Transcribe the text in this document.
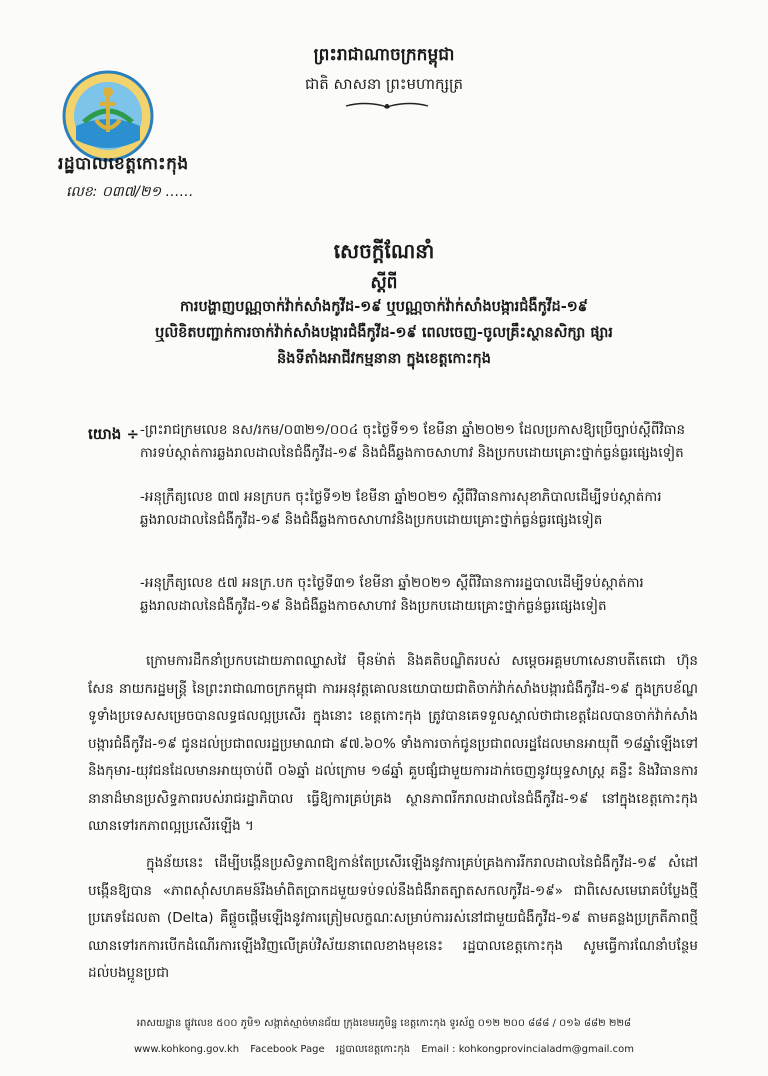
រដ្ឋបាលខេត្តកោះកុង
លេខ: ០៣៧/២១ ……
ព្រះរាជាណាចក្រកម្ពុជា
ជាតិ សាសនា ព្រះមហាក្សត្រ
សេចក្តីណែនាំ
ស្តីពី
ការបង្ហាញបណ្ណចាក់វ៉ាក់សាំងកូវីដ-១៩ ឬបណ្ណចាក់វ៉ាក់សាំងបង្ការជំងឺកូវីដ-១៩
ឬលិខិតបញ្ជាក់ការចាក់វ៉ាក់សាំងបង្ការជំងឺកូវីដ-១៩ ពេលចេញ-ចូលគ្រឹះស្ថានសិក្សា ផ្សារ
និងទីតាំងអាជីវកម្មនានា ក្នុងខេត្តកោះកុង
យោង ÷ -ព្រះរាជក្រមលេខ នស/រកម/០៣២១/០០៤ ចុះថ្ងៃទី១១ ខែមីនា ឆ្នាំ២០២១ ដែលប្រកាសឱ្យប្រើច្បាប់ស្តីពីវិធានការទប់ស្កាត់ការឆ្លងរាលដាលនៃជំងឺកូវីដ-១៩ និងជំងឺឆ្លងកាចសាហាវ និងប្រកបដោយគ្រោះថ្នាក់ធ្ងន់ធ្ងរផ្សេងទៀត
-អនុក្រឹត្យលេខ ៣៧ អនក្របក ចុះថ្ងៃទី១២ ខែមីនា ឆ្នាំ២០២១ ស្តីពីវិធានការសុខាភិបាលដើម្បីទប់ស្កាត់ការឆ្លងរាលដាលនៃជំងឺកូវីដ-១៩ និងជំងឺឆ្លងកាចសាហាវនិងប្រកបដោយគ្រោះថ្នាក់ធ្ងន់ធ្ងរផ្សេងទៀត
-អនុក្រឹត្យលេខ ៥៧ អនក្រ.បក ចុះថ្ងៃទី៣១ ខែមីនា ឆ្នាំ២០២១ ស្តីពីវិធានការរដ្ឋបាលដើម្បីទប់ស្កាត់ការឆ្លងរាលដាលនៃជំងឺកូវីដ-១៩ និងជំងឺឆ្លងកាចសាហាវ និងប្រកបដោយគ្រោះថ្នាក់ធ្ងន់ធ្ងរផ្សេងទៀត
ក្រោមការដឹកនាំប្រកបដោយភាពឈ្លាសវៃ ម៉ឺនម៉ាត់ និងគតិបណ្ឌិតរបស់ សម្តេចអគ្គមហាសេនាបតីតេជោ ហ៊ុន សែន នាយករដ្ឋមន្ត្រី នៃព្រះរាជាណាចក្រកម្ពុជា ការអនុវត្តគោលនយោបាយជាតិចាក់វ៉ាក់សាំងបង្ការជំងឺកូវីដ-១៩ ក្នុងក្របខ័ណ្ឌទូទាំងប្រទេសសម្រេចបានលទ្ធផលល្អប្រសើរ ក្នុងនោះ ខេត្តកោះកុង ត្រូវបានគេទទួលស្គាល់ថាជាខេត្តដែលបានចាក់វ៉ាក់សាំងបង្ការជំងឺកូវីដ-១៩ ជូនដល់ប្រជាពលរដ្ឋប្រមាណជា ៩៧.៦០% ទាំងការចាក់ជូនប្រជាពលរដ្ឋដែលមានអាយុពី ១៨ឆ្នាំឡើងទៅ និងកុមារ-យុវជនដែលមានអាយុចាប់ពី ០៦ឆ្នាំ ដល់ក្រោម ១៨ឆ្នាំ គួបផ្សំជាមួយការដាក់ចេញនូវយុទ្ធសាស្ត្រ គន្លឹះ និងវិធានការនានាដ៏មានប្រសិទ្ធភាពរបស់រាជរដ្ឋាភិបាល ធ្វើឱ្យការគ្រប់គ្រង ស្ថានភាពរីករាលដាលនៃជំងឺកូវីដ-១៩ នៅក្នុងខេត្តកោះកុង ឈានទៅរកភាពល្អប្រសើរឡើង ។
ក្នុងន័យនេះ ដើម្បីបង្កើនប្រសិទ្ធភាពឱ្យកាន់តែប្រសើរឡើងនូវការគ្រប់គ្រងការរីករាលដាលនៃជំងឺកូវីដ-១៩ សំដៅបង្កើនឱ្យបាន «ភាពស៊ាំសហគមន៍រឹងមាំពិតប្រាកដមួយទប់ទល់នឹងជំងឺរាតត្បាតសកលកូវីដ-១៩» ជាពិសេសមេរោគបំប្លែងថ្មី ប្រភេទដែលតា (Delta) គឺផ្តួចផ្តើមឡើងនូវការត្រៀមលក្ខណៈសម្រាប់ការរស់នៅជាមួយជំងឺកូវីដ-១៩ តាមគន្លងប្រក្រតីភាពថ្មី ឈានទៅរកការបើកដំណើរការឡើងវិញលើគ្រប់វិស័យនាពេលខាងមុខនេះ រដ្ឋបាលខេត្តកោះកុង សូមធ្វើការណែនាំបន្ថែមដល់បងប្អូនប្រជា
អាសយដ្ឋាន ផ្លូវលេខ ៥០០ ភូមិ១ សង្កាត់ស្មាច់មានជ័យ ក្រុងខេមរភូមិន្ទ ខេត្តកោះកុង ទូរស័ព្ទ ០១២ ២០០ ៨៨៨ / ០១៦ ៨៨២ ២២៨
www.kohkong.gov.kh Facebook Page រដ្ឋបាលខេត្តកោះកុង Email : kohkongprovincialadm@gmail.com
